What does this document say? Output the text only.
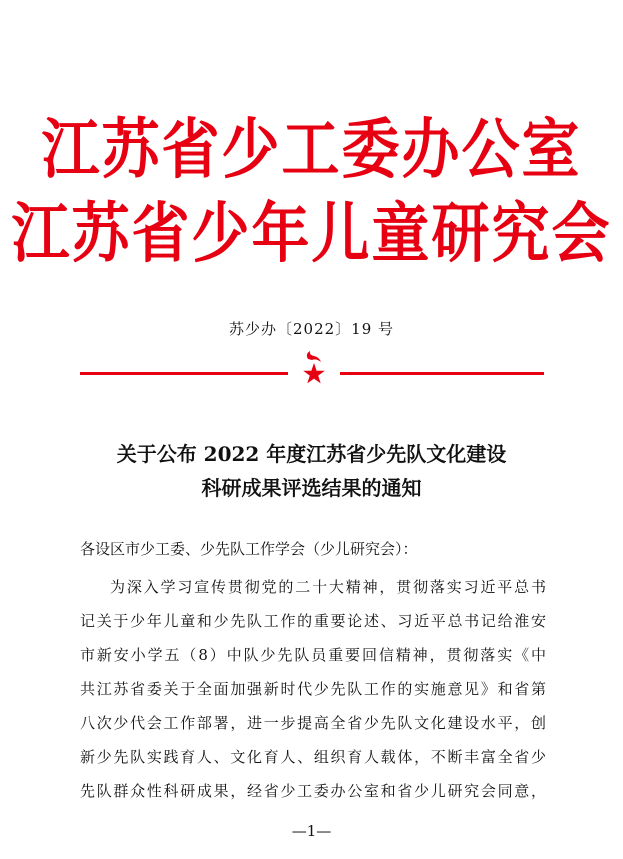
江苏省少工委办公室
江苏省少年儿童研究会
苏少办〔2022〕19 号
关于公布 2022 年度江苏省少先队文化建设
科研成果评选结果的通知
各设区市少工委、少先队工作学会（少儿研究会）：
为深入学习宣传贯彻党的二十大精神，贯彻落实习近平总书
记关于少年儿童和少先队工作的重要论述、习近平总书记给淮安
市新安小学五（8）中队少先队员重要回信精神，贯彻落实《中
共江苏省委关于全面加强新时代少先队工作的实施意见》和省第
八次少代会工作部署，进一步提高全省少先队文化建设水平，创
新少先队实践育人、文化育人、组织育人载体，不断丰富全省少
先队群众性科研成果，经省少工委办公室和省少儿研究会同意，
—1—
